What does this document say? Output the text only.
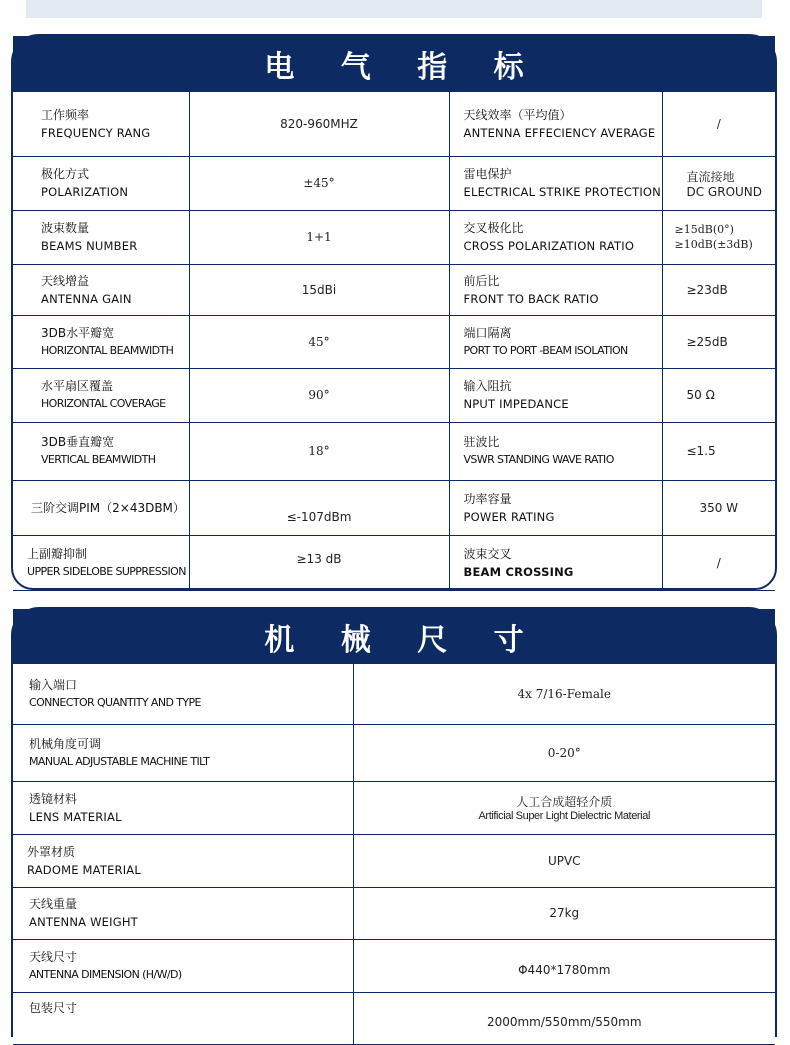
电 气 指 标
工作频率
FREQUENCY RANG	820-960MHZ	天线效率（平均值）
ANTENNA EFFECIENCY AVERAGE	/

极化方式
POLARIZATION	±45°	雷电保护
ELECTRICAL STRIKE PROTECTION	直流接地
DC GROUND

波束数量
BEAMS NUMBER	1+1	交叉极化比
CROSS POLARIZATION RATIO	≥15dB(0°)
≥10dB(±3dB)

天线增益
ANTENNA GAIN	15dBi	前后比
FRONT TO BACK RATIO	≥23dB

3DB水平瓣宽
HORIZONTAL BEAMWIDTH	45°	端口隔离
PORT TO PORT -BEAM ISOLATION	≥25dB

水平扇区覆盖
HORIZONTAL COVERAGE	90°	输入阻抗
NPUT IMPEDANCE	50 Ω

3DB垂直瓣宽
VERTICAL BEAMWIDTH	18°	驻波比
VSWR STANDING WAVE RATIO	≤1.5

三阶交调PIM（2×43DBM）	≤-107dBm	功率容量
POWER RATING	350 W

上副瓣抑制
UPPER SIDELOBE SUPPRESSION	≥13 dB	波束交叉
BEAM CROSSING	/
机 械 尺 寸
输入端口
CONNECTOR QUANTITY AND TYPE	4x 7/16-Female

机械角度可调
MANUAL ADJUSTABLE MACHINE TILT	0-20°

透镜材料
LENS MATERIAL	人工合成超轻介质
Artificial Super Light Dielectric Material

外罩材质
RADOME MATERIAL	UPVC

天线重量
ANTENNA WEIGHT	27kg

天线尺寸
ANTENNA DIMENSION (H/W/D)	Φ440*1780mm

包装尺寸	2000mm/550mm/550mm
